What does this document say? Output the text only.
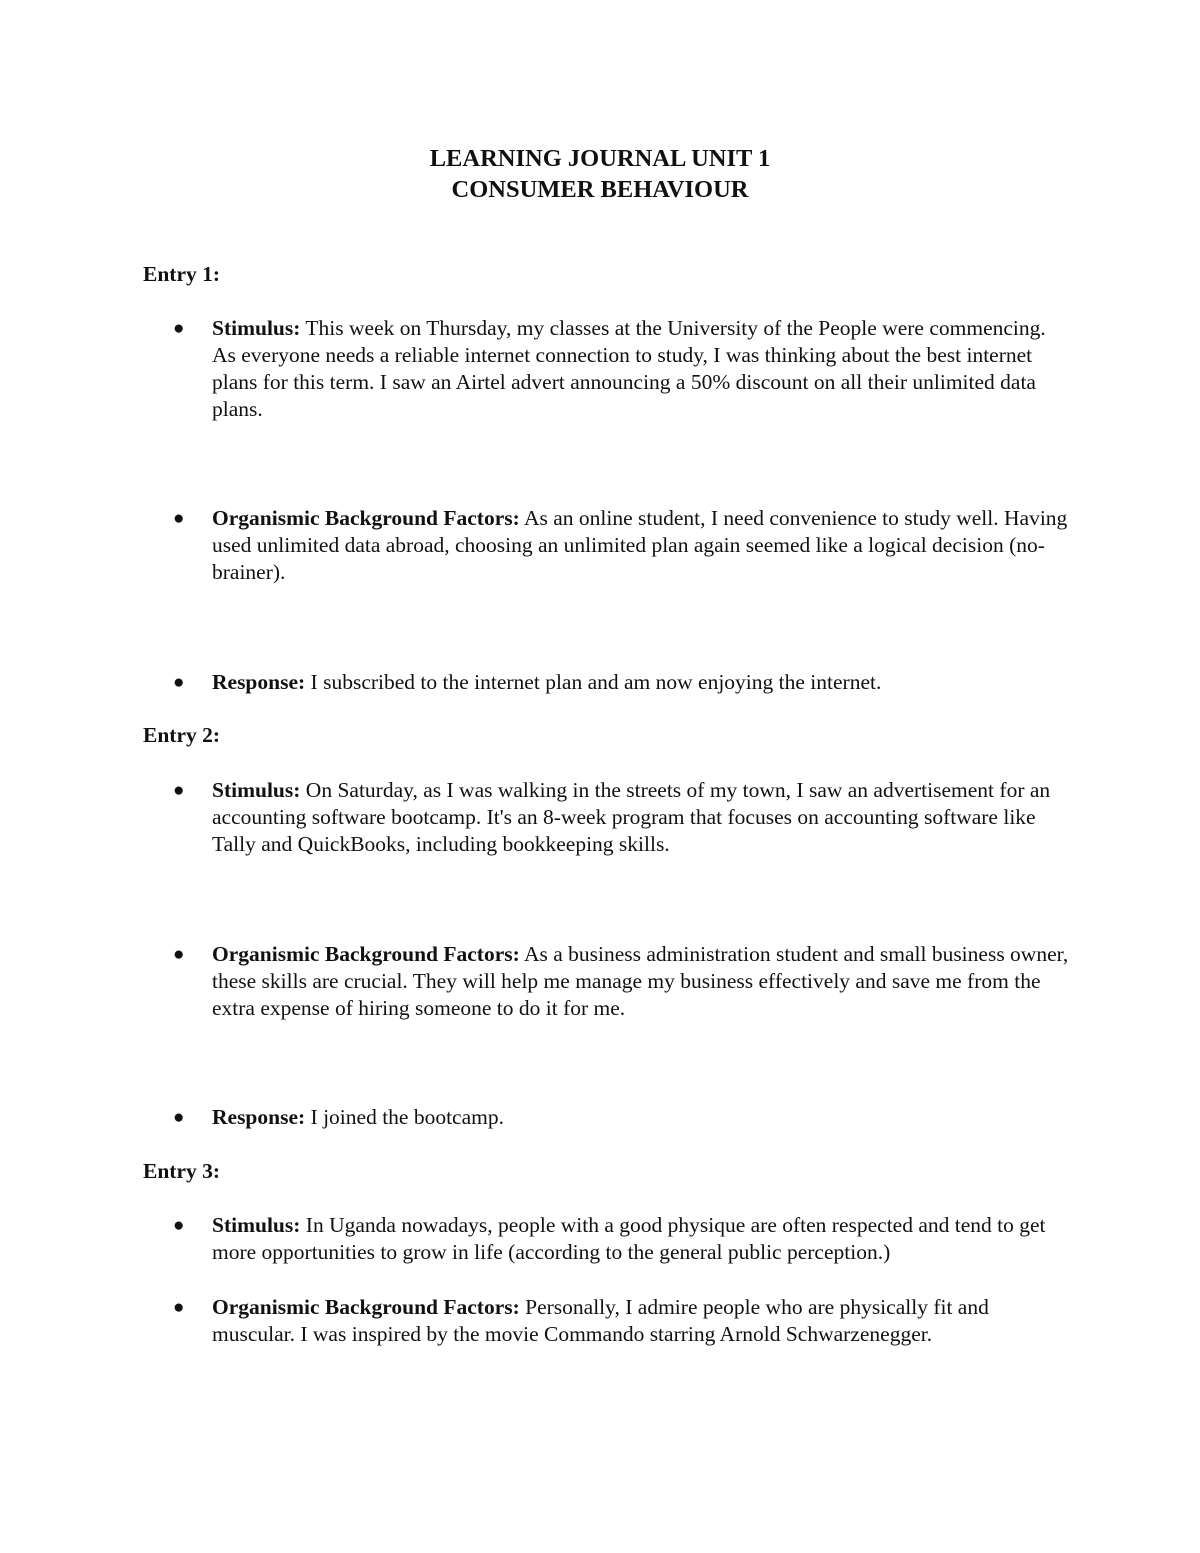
LEARNING JOURNAL UNIT 1
CONSUMER BEHAVIOUR
Entry 1:
● Stimulus: This week on Thursday, my classes at the University of the People were commencing. As everyone needs a reliable internet connection to study, I was thinking about the best internet plans for this term. I saw an Airtel advert announcing a 50% discount on all their unlimited data plans.
● Organismic Background Factors: As an online student, I need convenience to study well. Having used unlimited data abroad, choosing an unlimited plan again seemed like a logical decision (no-brainer).
● Response: I subscribed to the internet plan and am now enjoying the internet.
Entry 2:
● Stimulus: On Saturday, as I was walking in the streets of my town, I saw an advertisement for an accounting software bootcamp. It's an 8-week program that focuses on accounting software like Tally and QuickBooks, including bookkeeping skills.
● Organismic Background Factors: As a business administration student and small business owner, these skills are crucial. They will help me manage my business effectively and save me from the extra expense of hiring someone to do it for me.
● Response: I joined the bootcamp.
Entry 3:
● Stimulus: In Uganda nowadays, people with a good physique are often respected and tend to get more opportunities to grow in life (according to the general public perception.)
● Organismic Background Factors: Personally, I admire people who are physically fit and muscular. I was inspired by the movie Commando starring Arnold Schwarzenegger.
